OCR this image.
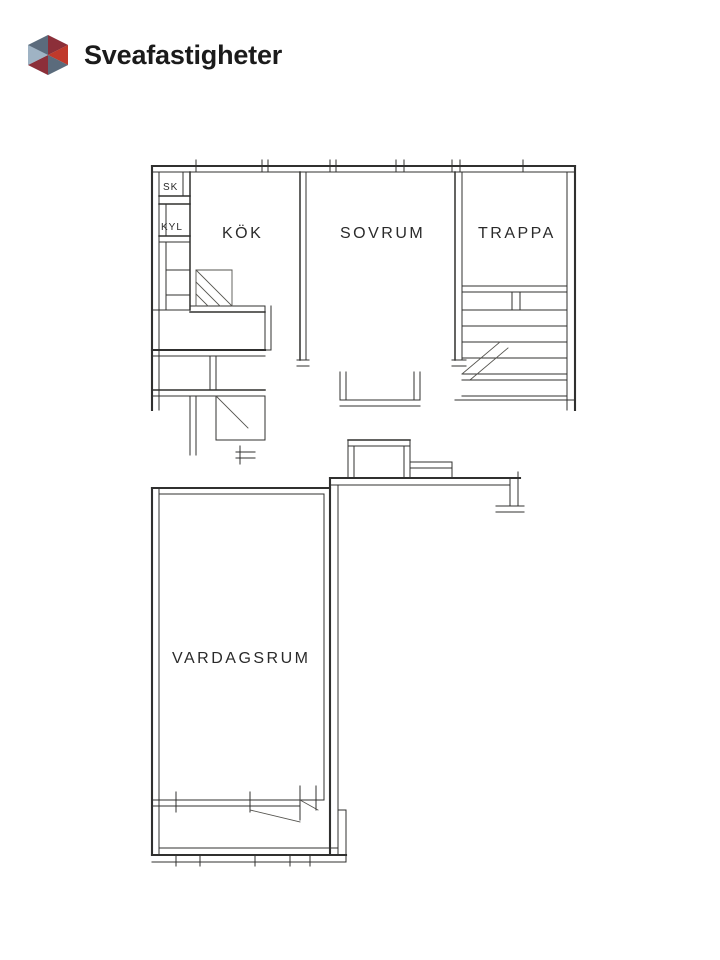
Sveafastigheter
SK
KYL KÖK	SOVRUM	TRAPPA
VARDAGSRUM
